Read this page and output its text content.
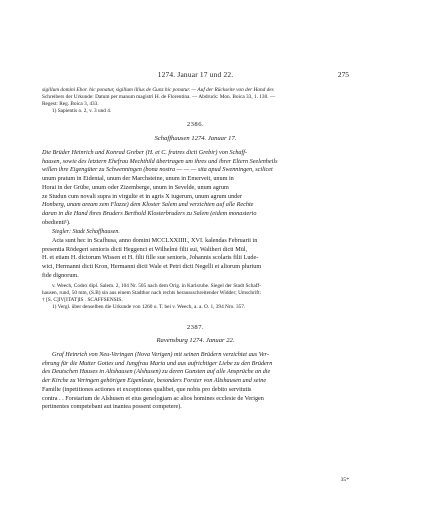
1274. Januar 17 und 22.	275

sigillum domini Ebor. hic ponatur, sigillum illius de Gunz hic ponatur. — Auf der Rückseite von der Hand des

Schreibers der Urkunde: Datum per manum magistri H. de Florentina. — Abdruck: Mon. Boica 33, 1. 130. —

Regest: Reg. Boica 3, 433.

1) Sapientis o. 2, v. 3 und 4.

2386.
Schaffhausen 1274. Januar 17.

Die Brüder Heinrich und Konrad Greber (H. et C. fratres dicti Grebir) von Schaff-

hausen, sowie des letztern Ehefrau Mechthild übertragen um ihres und ihrer Eltern Seelenheils

willen ihre Eigengüter zu Schwenningen (bona nostra — — — sita apud Swenningen, scilicet

unum pratum in Eidental, unum der Marchsteine, unum in Emerveit, unum in

Horai in der Grübe, unum oder Zizemberge, unum in Sevelde, unum agrum

ze Studun cum novali supra in virgulte et in agris X iugerum, unum agrum under

Honberg, unam aream zem Flazze) dem Kloster Salem und verzichten auf alle Rechte

daran in die Hand ihres Bruders Berthold Klosterbruders zu Salem (eidem monasterio

obedienti¹).

Siegler: Stadt Schaffhausen.

Acta sunt hec in Scafhusa, anno domini MCCLXXIIII., XVI. kalendas Februarii in

presentia Rōdegeri senioris dicti Heggenci et Wilhelmi filii sui, Waltheri dicti Mūl,

H. et etiam H. dictorum Wissen et H. filii fille sue senioris, Johannis scolaris filii Lude-

wici, Hermanni dicti Kron, Hermanni dicti Wale et Petri dicti Negelli et aliorum plurium

fide dignorum.

v. Weech, Codex dipl. Salem. 2, 104 Nr. 505 nach dem Orig. in Karlsruhe. Siegel der Stadt Schaff-

hausen, rund, 50 mm, (S.B) sin aus einem Stadthor nach rechts heraussschreitender Widder; Umschrift:

† [S. C]IV[ITAT]IS . SCAFFSENSIS.

1) Vergl. über denselben die Urkunde von 1260 o. T. bei v. Weech, a. a. O. 1, 394 Nro. 357.

2387.
Ravensburg 1274. Januar 22.

Graf Heinrich von Neu-Veringen (Nova Verigen) mit seinen Brüdern verzichtet aus Ver-

ehrung für die Mutter Gottes und Jungfrau Maria und aus aufrichtiger Liebe zu den Brüdern

des Deutschen Hauses in Altshausen (Alshusen) zu deren Gunsten auf alle Ansprüche an die

der Kirche zu Veringen gehörigen Eigenleute, besonders Forster von Altshausen und seine

Familie (inpetitiones actiones et exceptiones qualibet, que nobis pro debito servitutis

contra . . Forstarium de Alshusen et eius genelogiam ac alios homines ecclesie de Verigen

pertinentes competebant aut inantea possent competere).

35*
